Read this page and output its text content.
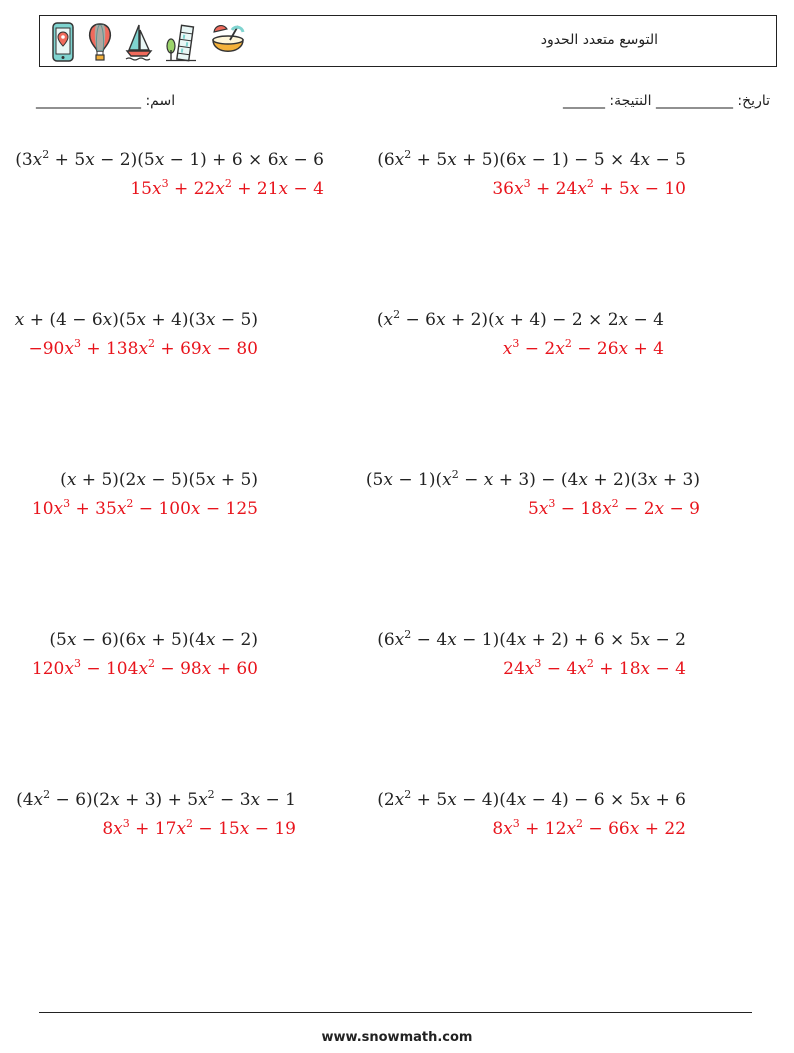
التوسع متعدد الحدود
_______________ :اسم	______ :تاريخ: ___________ النتيجة
$(3x^2 + 5x - 2)(5x - 1) + 6 \times 6x - 6$
$15x^3 + 22x^2 + 21x - 4$
$(6x^2 + 5x + 5)(6x - 1) - 5 \times 4x - 5$
$36x^3 + 24x^2 + 5x - 10$
x + (4 − 6x)(5x + 4)(3x − 5)
$-90x^3 + 138x^2 + 69x - 80$
$(x^2 - 6x + 2)(x + 4) - 2 \times 2x - 4$
$x^3 - 2x^2 - 26x + 4$
(x + 5)(2x − 5)(5x + 5)
$10x^3 + 35x^2 - 100x - 125$
$(5x - 1)(x^2 - x + 3) - (4x + 2)(3x + 3)$
$5x^3 - 18x^2 - 2x - 9$
(5x − 6)(6x + 5)(4x − 2)
$120x^3 - 104x^2 - 98x + 60$
$(6x^2 - 4x - 1)(4x + 2) + 6 \times 5x - 2$
$24x^3 - 4x^2 + 18x - 4$
$(4x^2 - 6)(2x + 3) + 5x^2 - 3x - 1$
$8x^3 + 17x^2 - 15x - 19$
$(2x^2 + 5x - 4)(4x - 4) - 6 \times 5x + 6$
$8x^3 + 12x^2 - 66x + 22$
www.snowmath.com
